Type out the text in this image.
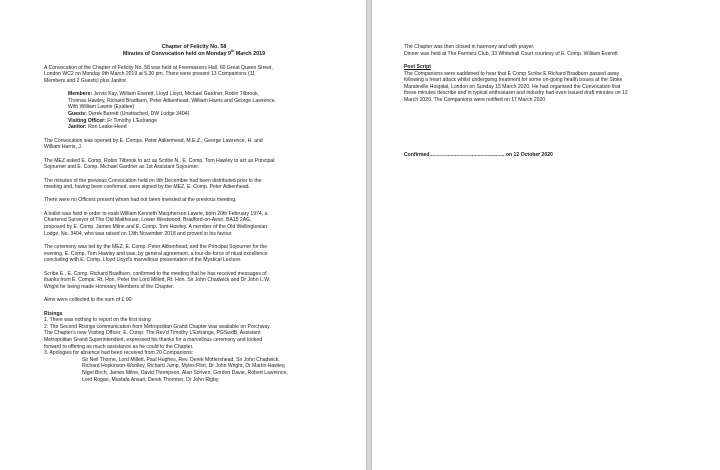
Chapter of Felicity No. 58
Minutes of Convocation held on Monday 9th March 2019
A Convocation of the Chapter of Felicity No. 58 was held at Freemasons Hall, 60 Great Queen Street,
London WC2 on Monday 9th March 2019 at 5.30 pm. There were present 13 Companions (11
Members and 2 Guests) plus Janitor.
Members: Jervis Kay, William Everett, Lloyd Lloyd, Michael Gardner, Robin Tilbrook,
Thomas Hawley, Richard Bradburn, Peter Aitkenhead, William Harris and George Lawrence.
With William Lawrie (Exaltee)
Guests: Derek Barrett (Unattached, DW Lodge 3404)
Visiting Officer: Fr Timothy L'Estrange
Janitor: Ron Leake-Heed
The Convocation was opened by E. Comps. Peter Aitkenhead, M.E.Z.; George Lawrence, H. and
William Harris, J.
The MEZ asked E. Comp. Robin Tilbrook to act as Scribe N., E. Comp. Tom Hawley to act as Principal
Sojourner and E. Comp. Michael Gardner as 1st Assistant Sojourner.
The minutes of the previous Convocation held on 9th December had been distributed prior to the
meeting and, having been confirmed, were signed by the MEZ, E. Comp. Peter Aitkenhead.
There were no Officers present whom had not been invested at the previous meeting.
A ballot was held in order to exalt William Kenneth Macpherson Lawrie, born 20th February 1974, a
Chartered Surveyor of The Old Malthouse, Lower Westwood, Bradford-on-Avon, BA15 2AG,
proposed by E. Comp. James Milne and E. Comp. Tom Hawley. A member of the Old Wellingtonian
Lodge, No. 3404, who was raised on 13th November 2018 and proved in his favour.
The ceremony was led by the MEZ, E. Comp. Peter Aitkenhead, and the Principal Sojourner for the
evening, E. Comp. Tom Hawley and was, by general agreement, a tour-de-force of ritual excellence
concluding with E. Comp. Lloyd Lloyd's marvellous presentation of the Mystical Lecture.
Scribe E., E. Comp. Richard Bradburn, confirmed to the meeting that he has received messages of
thanks from E. Comps. Rt. Hon. Peter the Lord Millett, Rt. Hon. Sir John Chadwick and Dr John L.W.
Wright for being made Honorary Members of the Chapter.
Alms were collected to the sum of £ 90
Risings
1. There was nothing to report on the first rising
2. The Second Risings communication from Metropolitan Grand Chapter was available on Porchway.
The Chapter's new Visiting Officer, E. Comp. The Rev'd Timothy L'Estrange, PGSwdB, Assistant
Metropolitan Grand Superintendent, expressed his thanks for a marvellous ceremony and looked
forward to offering as much assistance as he could to the Chapter.
3. Apologies for absence had been received from 20 Companions:
Sir Neil Thorne, Lord Millett, Paul Hughes, Rev. Derek Mottershead, Sir John Chadwick,
Richard Hopkinson-Woolley, Richard Jump, Myles Flint, Dr John Wright, Dr Martin Hawley,
Nigel Birch, James Milne, David Thompson, Alan Scriven, Gordon Davie, Robert Lawrence,
Lord Rogan, Mustafa Ansari, Derek Thornton, Dr John Rigby.
The Chapter was then closed in harmony and with prayer.
Dinner was held at The Farmers Club, 33 Whitehall Court courtesy of E. Comp. William Everett
Post Script
The Companions were saddened to hear that E Comp Scribe E Richard Bradburn passed away
following a heart attack whilst undergoing treatment for some on-going health issues at the Stoke
Mandeville Hospital, London on Sunday 15 March 2020. He had organised the Convocation that
these minutes describe and in typical enthusiasm and industry had even issued draft minutes on 12
March 2020. The Companions were notified on 17 March 2020.
Confirmed..................................................... on 12 October 2020
